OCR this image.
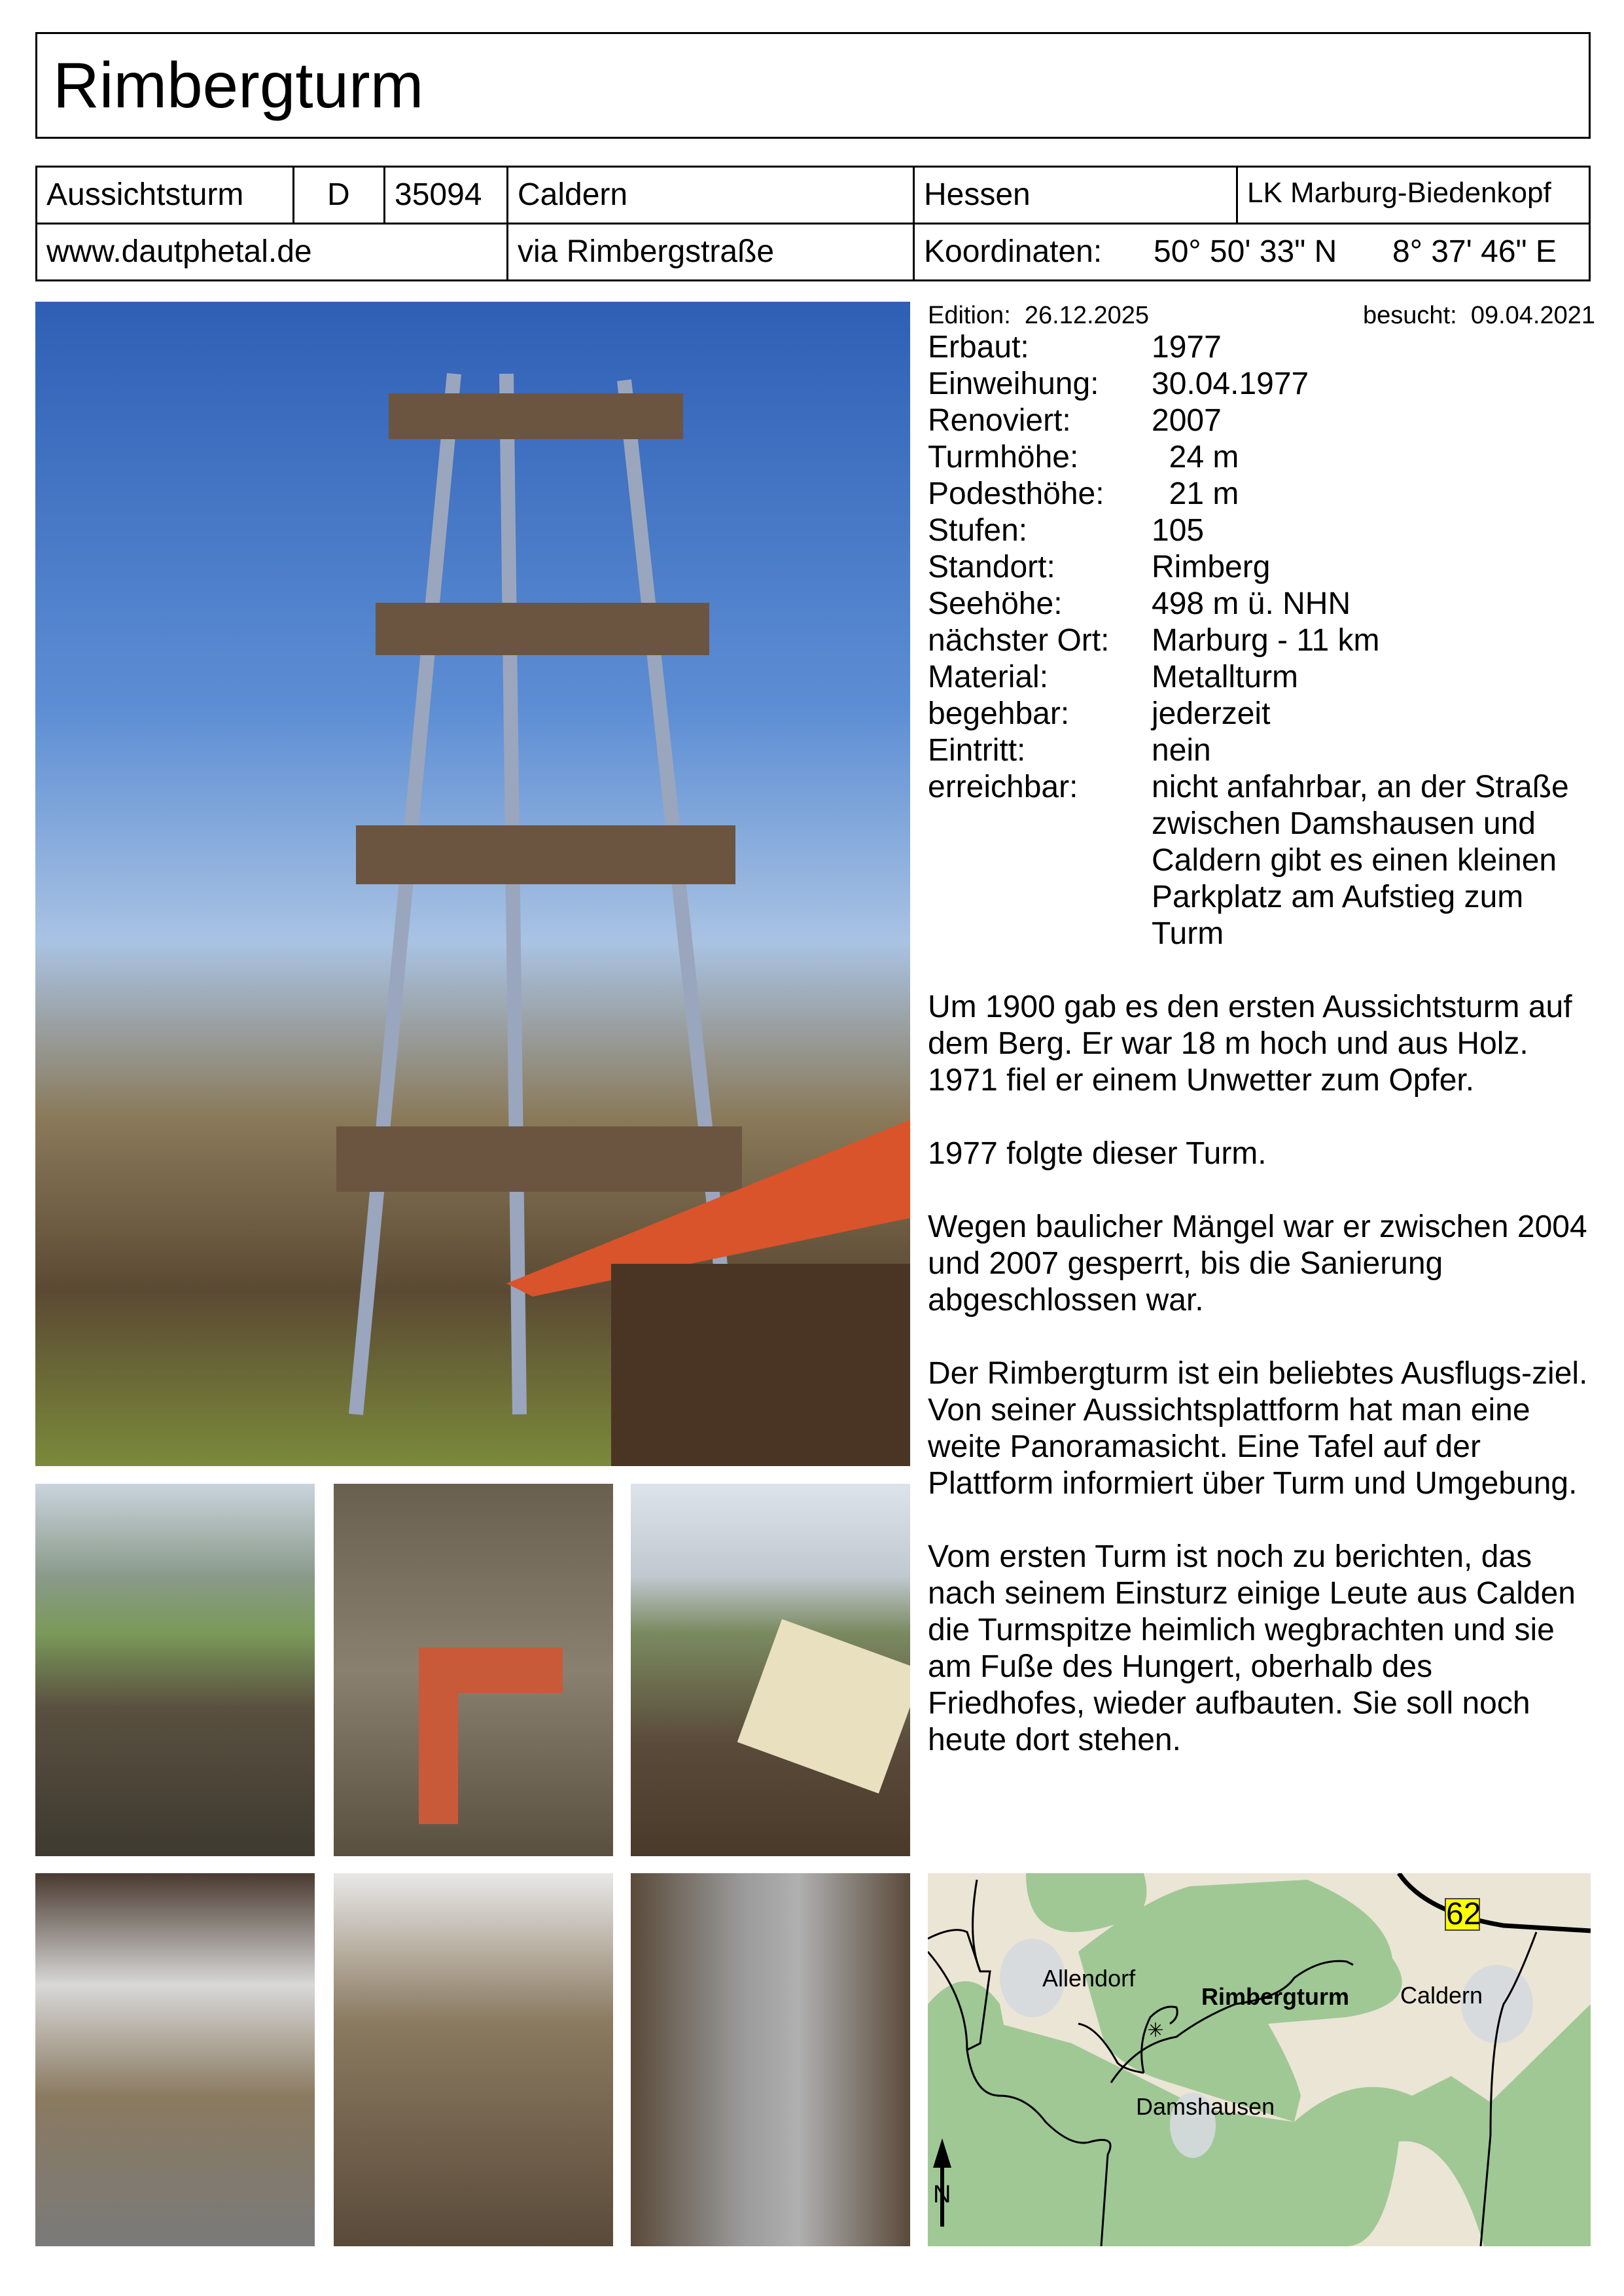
Rimbergturm
Aussichtsturm	D	35094	Caldern	Hessen	LK Marburg-Biedenkopf
www.dautphetal.de	via Rimbergstraße	Koordinaten: 50° 50' 33" N 8° 37' 46" E
Edition: 26.12.2025	besucht: 09.04.2021
Erbaut:	1977
Einweihung:	30.04.1977
Renoviert:	2007
Turmhöhe:	24 m
Podesthöhe:	21 m
Stufen:	105
Standort:	Rimberg
Seehöhe:	498 m ü. NHN
nächster Ort:	Marburg - 11 km
Material:	Metallturm
begehbar:	jederzeit
Eintritt:	nein
erreichbar:	nicht anfahrbar, an der Straße zwischen Damshausen und Caldern gibt es einen kleinen Parkplatz am Aufstieg zum Turm

Um 1900 gab es den ersten Aussichtsturm auf dem Berg. Er war 18 m hoch und aus Holz. 1971 fiel er einem Unwetter zum Opfer.

1977 folgte dieser Turm.

Wegen baulicher Mängel war er zwischen 2004 und 2007 gesperrt, bis die Sanierung abgeschlossen war.

Der Rimbergturm ist ein beliebtes Ausflugs-ziel. Von seiner Aussichtsplattform hat man eine weite Panoramasicht. Eine Tafel auf der Plattform informiert über Turm und Umgebung.

Vom ersten Turm ist noch zu berichten, das nach seinem Einsturz einige Leute aus Calden die Turmspitze heimlich wegbrachten und sie am Fuße des Hungert, oberhalb des Friedhofes, wieder aufbauten. Sie soll noch heute dort stehen.

✳
62
Allendorf
Rimbergturm Caldern
Damshausen
N
